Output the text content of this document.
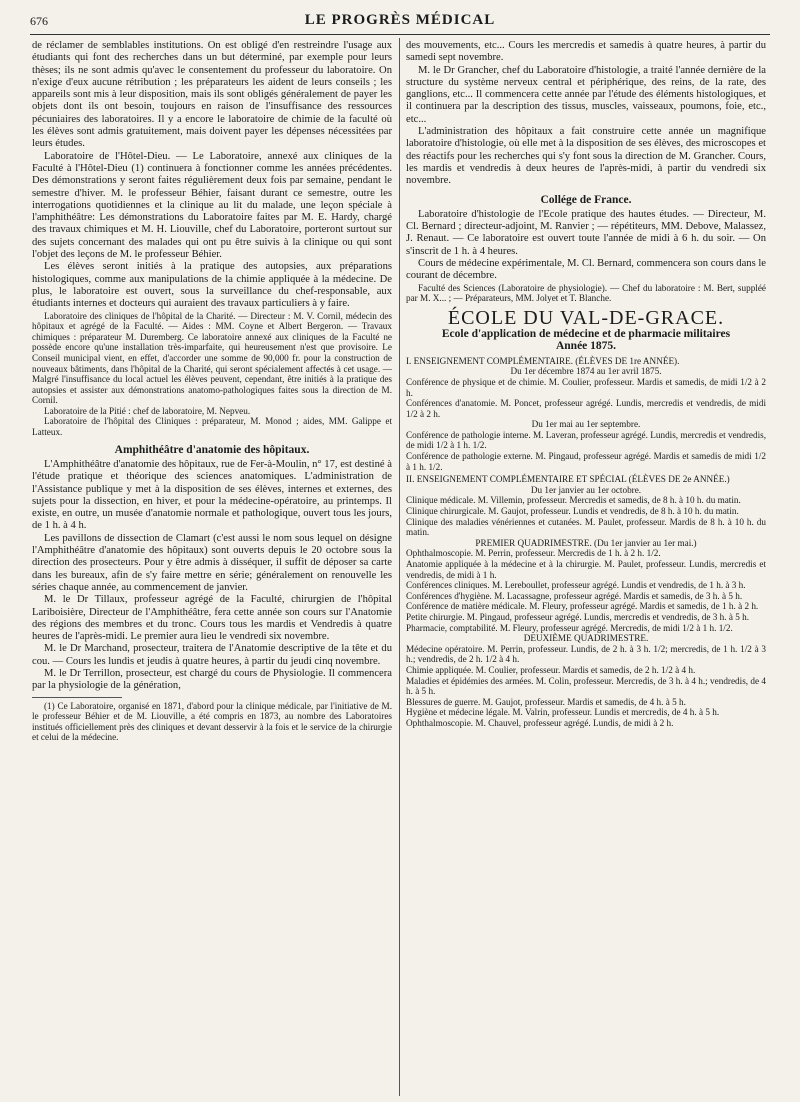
676	LE PROGRÈS MÉDICAL

de réclamer de semblables institutions. On est obligé d'en restreindre l'usage aux étudiants qui font des recherches dans un but déterminé, par exemple pour leurs thèses; ils ne sont admis qu'avec le consentement du professeur du laboratoire. On n'exige d'eux aucune rétribution ; les préparateurs les aident de leurs conseils ; les appareils sont mis à leur disposition, mais ils sont obligés généralement de payer les objets dont ils ont besoin, toujours en raison de l'insuffisance des ressources pécuniaires des laboratoires. Il y a encore le laboratoire de chimie de la faculté où les élèves sont admis gratuitement, mais doivent payer les dépenses nécessitées par leurs études.

Laboratoire de l'Hôtel-Dieu. — Le Laboratoire, annexé aux cliniques de la Faculté à l'Hôtel-Dieu (1) continuera à fonctionner comme les années précédentes. Des démonstrations y seront faites régulièrement deux fois par semaine, pendant le semestre d'hiver. M. le professeur Béhier, faisant durant ce semestre, outre les interrogations quotidiennes et la clinique au lit du malade, une leçon spéciale à l'amphithéâtre: Les démonstrations du Laboratoire faites par M. E. Hardy, chargé des travaux chimiques et M. H. Liouville, chef du Laboratoire, porteront surtout sur des sujets concernant des malades qui ont pu être suivis à la clinique ou qui sont l'objet des leçons de M. le professeur Béhier.

Les élèves seront initiés à la pratique des autopsies, aux préparations histologiques, comme aux manipulations de la chimie appliquée à la médecine. De plus, le laboratoire est ouvert, sous la surveillance du chef-responsable, aux étudiants internes et docteurs qui auraient des travaux particuliers à y faire.

Laboratoire des cliniques de l'hôpital de la Charité. — Directeur : M. V. Cornil, médecin des hôpitaux et agrégé de la Faculté. — Aides : MM. Coyne et Albert Bergeron. — Travaux chimiques : préparateur M. Duremberg. Ce laboratoire annexé aux cliniques de la Faculté ne possède encore qu'une installation très-imparfaite, qui heureusement n'est que provisoire. Le Conseil municipal vient, en effet, d'accorder une somme de 90,000 fr. pour la construction de nouveaux bâtiments, dans l'hôpital de la Charité, qui seront spécialement affectés à cet usage. — Malgré l'insuffisance du local actuel les élèves peuvent, cependant, être initiés à la pratique des autopsies et assister aux démonstrations anatomo-pathologiques faites sous la direction de M. Cornil.

Laboratoire de la Pitié : chef de laboratoire, M. Nepveu.

Laboratoire de l'hôpital des Cliniques : préparateur, M. Monod ; aides, MM. Galippe et Latteux.

Amphithéâtre d'anatomie des hôpitaux.

L'Amphithéâtre d'anatomie des hôpitaux, rue de Fer-à-Moulin, n° 17, est destiné à l'étude pratique et théorique des sciences anatomiques. L'administration de l'Assistance publique y met à la disposition de ses élèves, internes et externes, des sujets pour la dissection, en hiver, et pour la médecine-opératoire, au printemps. Il existe, en outre, un musée d'anatomie normale et pathologique, ouvert tous les jours, de 1 h. à 4 h.

Les pavillons de dissection de Clamart (c'est aussi le nom sous lequel on désigne l'Amphithéâtre d'anatomie des hôpitaux) sont ouverts depuis le 20 octobre sous la direction des prosecteurs. Pour y être admis à disséquer, il suffit de déposer sa carte dans les bureaux, afin de s'y faire mettre en série; généralement on renouvelle les séries chaque année, au commencement de janvier.

M. le Dr Tillaux, professeur agrégé de la Faculté, chirurgien de l'hôpital Lariboisière, Directeur de l'Amphithéâtre, fera cette année son cours sur l'Anatomie des régions des membres et du tronc. Cours tous les mardis et Vendredis à quatre heures de l'après-midi. Le premier aura lieu le vendredi six novembre.

M. le Dr Marchand, prosecteur, traitera de l'Anatomie descriptive de la tête et du cou. — Cours les lundis et jeudis à quatre heures, à partir du jeudi cinq novembre.

M. le Dr Terrillon, prosecteur, est chargé du cours de Physiologie. Il commencera par la physiologie de la génération,

(1) Ce Laboratoire, organisé en 1871, d'abord pour la clinique médicale, par l'initiative de M. le professeur Béhier et de M. Liouville, a été compris en 1873, au nombre des Laboratoires institués officiellement près des cliniques et devant desservir à la fois et le service de la chirurgie et celui de la médecine.

des mouvements, etc... Cours les mercredis et samedis à quatre heures, à partir du samedi sept novembre.

M. le Dr Grancher, chef du Laboratoire d'histologie, a traité l'année dernière de la structure du système nerveux central et périphérique, des reins, de la rate, des ganglions, etc... Il commencera cette année par l'étude des éléments histologiques, et il continuera par la description des tissus, muscles, vaisseaux, poumons, foie, etc., etc...

L'administration des hôpitaux a fait construire cette année un magnifique laboratoire d'histologie, où elle met à la disposition de ses élèves, des microscopes et des réactifs pour les recherches qui s'y font sous la direction de M. Grancher. Cours, les mardis et vendredis à deux heures de l'après-midi, à partir du vendredi six novembre.

Collége de France.

Laboratoire d'histologie de l'Ecole pratique des hautes études. — Directeur, M. Cl. Bernard ; directeur-adjoint, M. Ranvier ; — répétiteurs, MM. Debove, Malassez, J. Renaut. — Ce laboratoire est ouvert toute l'année de midi à 6 h. du soir. — On s'inscrit de 1 h. à 4 heures.

Cours de médecine expérimentale, M. Cl. Bernard, commencera son cours dans le courant de décembre.

Faculté des Sciences (Laboratoire de physiologie). — Chef du laboratoire : M. Bert, suppléé par M. X... ; — Préparateurs, MM. Jolyet et T. Blanche.

ÉCOLE DU VAL-DE-GRACE.
Ecole d'application de médecine et de pharmacie militaires
Année 1875.

I. ENSEIGNEMENT COMPLÉMENTAIRE. (ÉLÈVES DE 1re ANNÉE).

Du 1er décembre 1874 au 1er avril 1875.

Conférence de physique et de chimie. M. Coulier, professeur. Mardis et samedis, de midi 1/2 à 2 h.

Conférences d'anatomie. M. Poncet, professeur agrégé. Lundis, mercredis et vendredis, de midi 1/2 à 2 h.

Du 1er mai au 1er septembre.

Conférence de pathologie interne. M. Laveran, professeur agrégé. Lundis, mercredis et vendredis, de midi 1/2 à 1 h. 1/2.

Conférence de pathologie externe. M. Pingaud, professeur agrégé. Mardis et samedis de midi 1/2 à 1 h. 1/2.

II. ENSEIGNEMENT COMPLÉMENTAIRE ET SPÉCIAL (ÉLÈVES DE 2e ANNÉE.)

Du 1er janvier au 1er octobre.

Clinique médicale. M. Villemin, professeur. Mercredis et samedis, de 8 h. à 10 h. du matin.

Clinique chirurgicale. M. Gaujot, professeur. Lundis et vendredis, de 8 h. à 10 h. du matin.

Clinique des maladies vénériennes et cutanées. M. Paulet, professeur. Mardis de 8 h. à 10 h. du matin.

PREMIER QUADRIMESTRE. (Du 1er janvier au 1er mai.)

Ophthalmoscopie. M. Perrin, professeur. Mercredis de 1 h. à 2 h. 1/2.

Anatomie appliquée à la médecine et à la chirurgie. M. Paulet, professeur. Lundis, mercredis et vendredis, de midi à 1 h.

Conférences cliniques. M. Lereboullet, professeur agrégé. Lundis et vendredis, de 1 h. à 3 h.

Conférences d'hygiène. M. Lacassagne, professeur agrégé. Mardis et samedis, de 3 h. à 5 h.

Conférence de matière médicale. M. Fleury, professeur agrégé. Mardis et samedis, de 1 h. à 2 h.

Petite chirurgie. M. Pingaud, professeur agrégé. Lundis, mercredis et vendredis, de 3 h. à 5 h.

Pharmacie, comptabilité. M. Fleury, professeur agrégé. Mercredis, de midi 1/2 à 1 h. 1/2.

DEUXIÈME QUADRIMESTRE.

Médecine opératoire. M. Perrin, professeur. Lundis, de 2 h. à 3 h. 1/2; mercredis, de 1 h. 1/2 à 3 h.; vendredis, de 2 h. 1/2 à 4 h.

Chimie appliquée. M. Coulier, professeur. Mardis et samedis, de 2 h. 1/2 à 4 h.

Maladies et épidémies des armées. M. Colin, professeur. Mercredis, de 3 h. à 4 h.; vendredis, de 4 h. à 5 h.

Blessures de guerre. M. Gaujot, professeur. Mardis et samedis, de 4 h. à 5 h.

Hygiène et médecine légale. M. Valrin, professeur. Lundis et mercredis, de 4 h. à 5 h.

Ophthalmoscopie. M. Chauvel, professeur agrégé. Lundis, de midi à 2 h.
